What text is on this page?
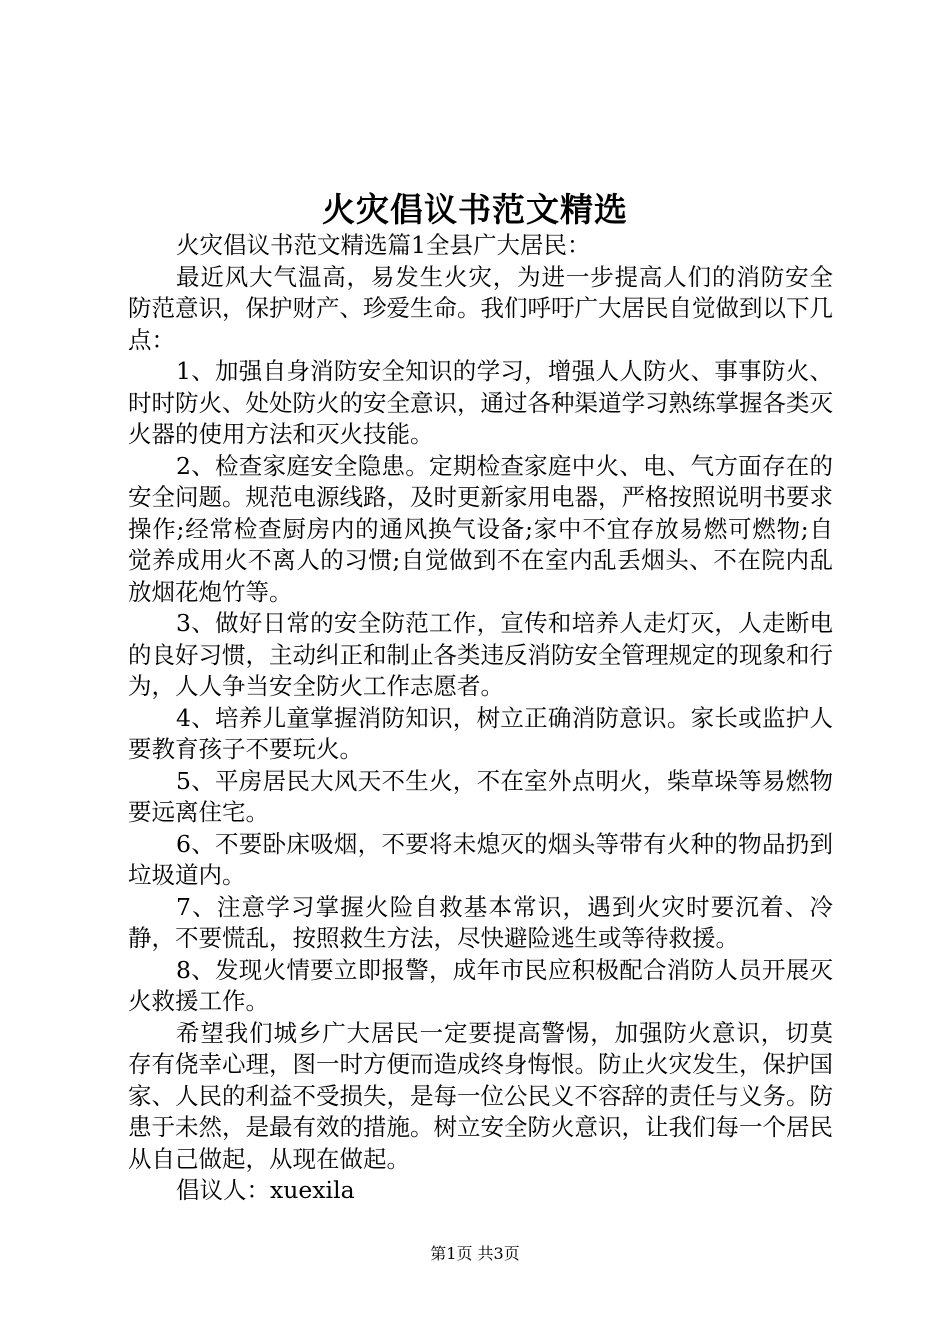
火灾倡议书范文精选

火灾倡议书范文精选篇1全县广大居民：

最近风大气温高，易发生火灾，为进一步提高人们的消防安全防范意识，保护财产、珍爱生命。我们呼吁广大居民自觉做到以下几点：

1、加强自身消防安全知识的学习，增强人人防火、事事防火、时时防火、处处防火的安全意识，通过各种渠道学习熟练掌握各类灭火器的使用方法和灭火技能。

2、检查家庭安全隐患。定期检查家庭中火、电、气方面存在的安全问题。规范电源线路，及时更新家用电器，严格按照说明书要求操作;经常检查厨房内的通风换气设备;家中不宜存放易燃可燃物;自觉养成用火不离人的习惯;自觉做到不在室内乱丢烟头、不在院内乱放烟花炮竹等。

3、做好日常的安全防范工作，宣传和培养人走灯灭，人走断电的良好习惯，主动纠正和制止各类违反消防安全管理规定的现象和行为，人人争当安全防火工作志愿者。

4、培养儿童掌握消防知识，树立正确消防意识。家长或监护人要教育孩子不要玩火。

5、平房居民大风天不生火，不在室外点明火，柴草垛等易燃物要远离住宅。

6、不要卧床吸烟，不要将未熄灭的烟头等带有火种的物品扔到垃圾道内。

7、注意学习掌握火险自救基本常识，遇到火灾时要沉着、冷静，不要慌乱，按照救生方法，尽快避险逃生或等待救援。

8、发现火情要立即报警，成年市民应积极配合消防人员开展灭火救援工作。

希望我们城乡广大居民一定要提高警惕，加强防火意识，切莫存有侥幸心理，图一时方便而造成终身悔恨。防止火灾发生，保护国家、人民的利益不受损失，是每一位公民义不容辞的责任与义务。防患于未然，是最有效的措施。树立安全防火意识，让我们每一个居民从自己做起，从现在做起。

倡议人：xuexila

第1页 共3页
